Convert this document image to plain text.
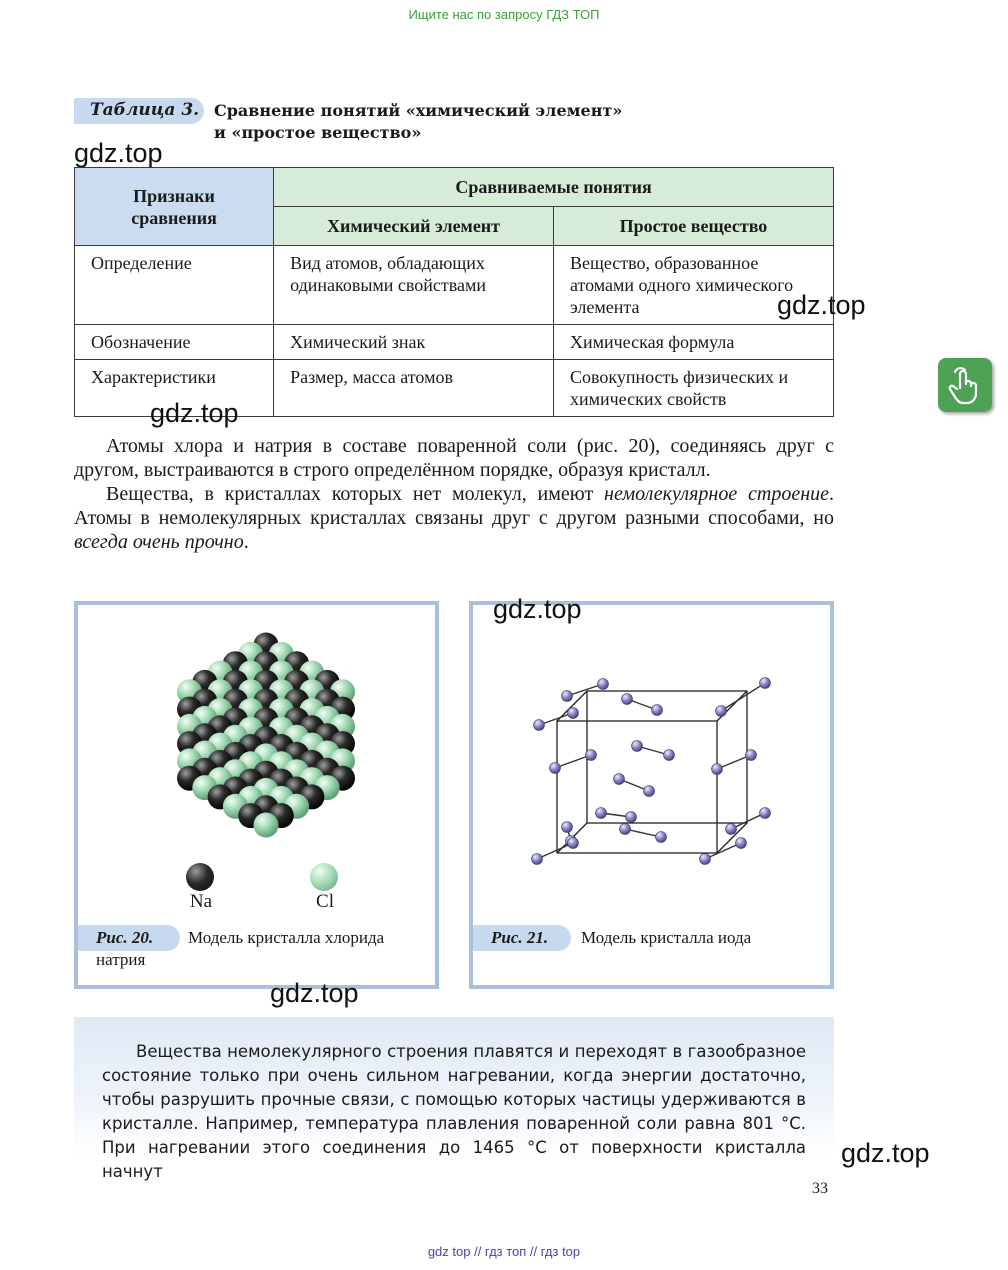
Ищите нас по запросу ГДЗ ТОП
Таблица 3. Сравнение понятий «химический элемент»
и «простое вещество»
gdz.top
Признаки сравнения	Сравниваемые понятия	
	Химический элемент	Простое вещество
Определение	Вид атомов, обладающих одинаковыми свойствами	Вещество, образованное атомами одного химического элемента
Обозначение	Химический знак	Химическая формула
Характеристики	Размер, масса атомов	Совокупность физических и химических свойств
gdz.top
gdz.top

Атомы хлора и натрия в составе поваренной соли (рис. 20), соединяясь друг с другом, выстраиваются в строго определённом порядке, образуя кристалл.

Вещества, в кристаллах которых нет молекул, имеют немолекулярное строение. Атомы в немолекулярных кристаллах связаны друг с другом разными способами, но всегда очень прочно.

Na	Cl
Рис. 20.	Модель кристалла хлорида натрия
Рис. 21. Модель кристалла иода
gdz.top
gdz.top

Вещества немолекулярного строения плавятся и переходят в газообразное состояние только при очень сильном нагревании, когда энергии достаточно, чтобы разрушить прочные связи, с помощью которых частицы удерживаются в кристалле. Например, температура плавления поваренной соли равна 801 °С. При нагревании этого соединения до 1465 °С от поверхности кристалла начнут

gdz.top
33
gdz top // гдз топ // гдз top
